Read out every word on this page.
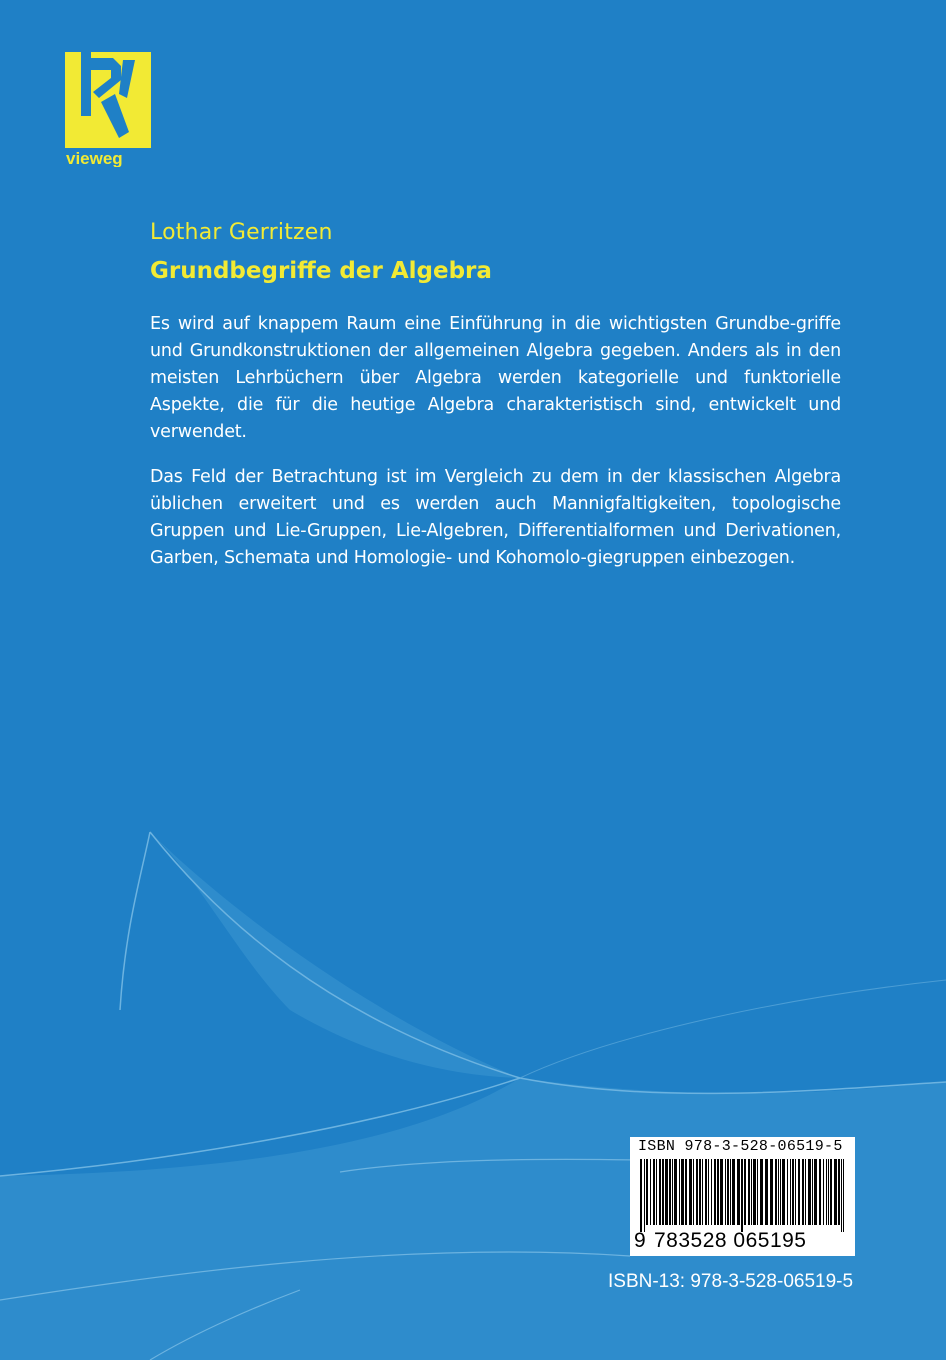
vieweg
Lothar Gerritzen
Grundbegriffe der Algebra

Es wird auf knappem Raum eine Einführung in die wichtigsten Grundbe-griffe und Grundkonstruktionen der allgemeinen Algebra gegeben. Anders als in den meisten Lehrbüchern über Algebra werden kategorielle und funktorielle Aspekte, die für die heutige Algebra charakteristisch sind, entwickelt und verwendet.

Das Feld der Betrachtung ist im Vergleich zu dem in der klassischen Algebra üblichen erweitert und es werden auch Mannigfaltigkeiten, topologische Gruppen und Lie-Gruppen, Lie-Algebren, Differentialformen und Derivationen, Garben, Schemata und Homologie- und Kohomolo-giegruppen einbezogen.

ISBN 978-3-528-06519-5
9 783528 065195
ISBN-13: 978-3-528-06519-5
